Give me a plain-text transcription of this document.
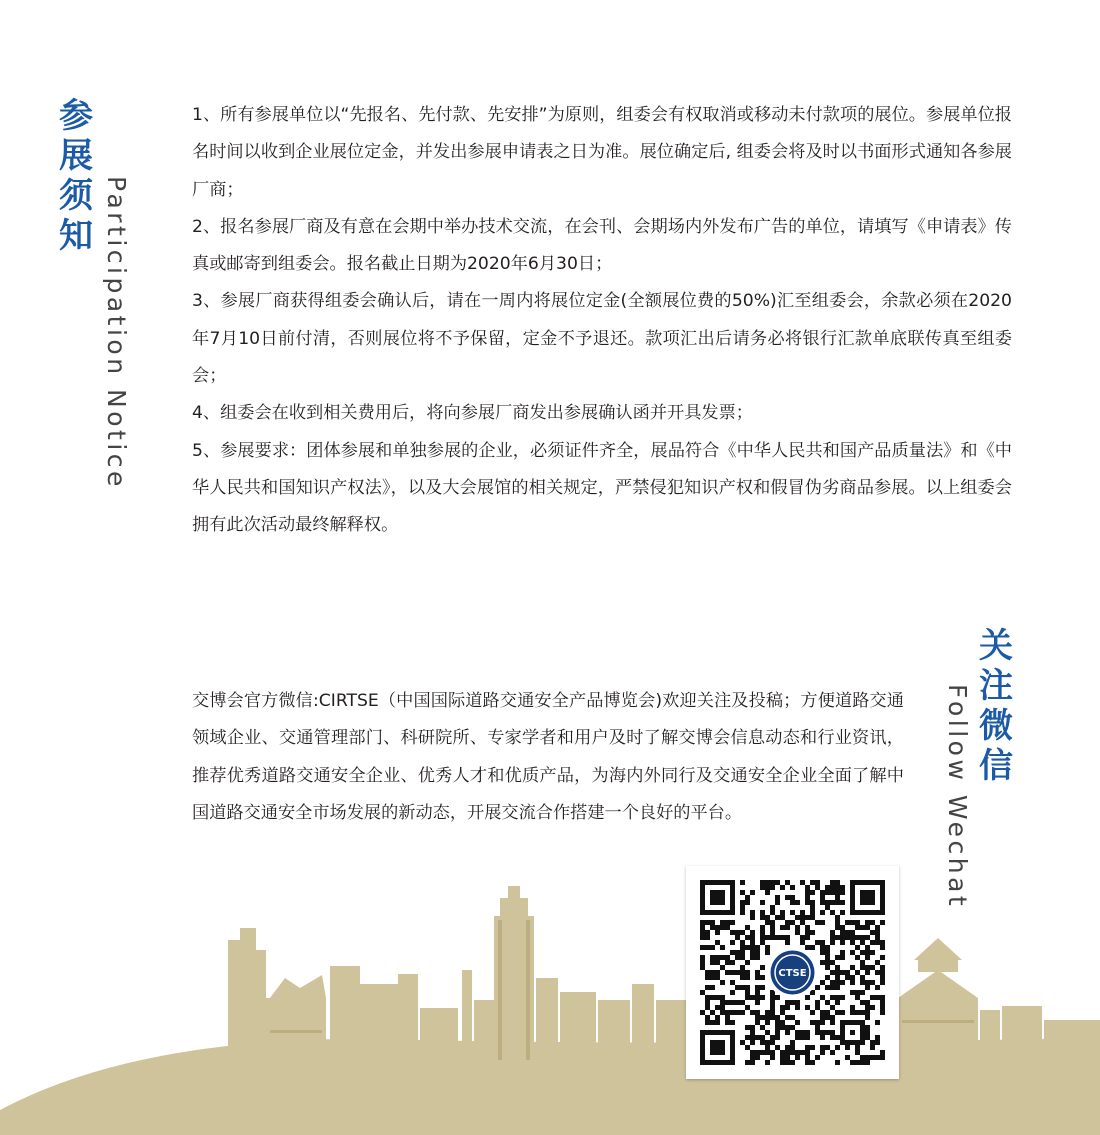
参展须知 Participation Notice

1、所有参展单位以“先报名、先付款、先安排”为原则，组委会有权取消或移动未付款项的展位。参展单位报名时间以收到企业展位定金，并发出参展申请表之日为准。展位确定后, 组委会将及时以书面形式通知各参展厂商；

2、报名参展厂商及有意在会期中举办技术交流，在会刊、会期场内外发布广告的单位，请填写《申请表》传真或邮寄到组委会。报名截止日期为2020年6月30日；

3、参展厂商获得组委会确认后，请在一周内将展位定金(全额展位费的50%)汇至组委会，余款必须在2020年7月10日前付清，否则展位将不予保留，定金不予退还。款项汇出后请务必将银行汇款单底联传真至组委会；

4、组委会在收到相关费用后，将向参展厂商发出参展确认函并开具发票；

5、参展要求：团体参展和单独参展的企业，必须证件齐全，展品符合《中华人民共和国产品质量法》和《中华人民共和国知识产权法》，以及大会展馆的相关规定，严禁侵犯知识产权和假冒伪劣商品参展。以上组委会拥有此次活动最终解释权。

关注微信
Follow Wechat

交博会官方微信:CIRTSE（中国国际道路交通安全产品博览会)欢迎关注及投稿；方便道路交通领域企业、交通管理部门、科研院所、专家学者和用户及时了解交博会信息动态和行业资讯，推荐优秀道路交通安全企业、优秀人才和优质产品，为海内外同行及交通安全企业全面了解中国道路交通安全市场发展的新动态，开展交流合作搭建一个良好的平台。

CTSE
